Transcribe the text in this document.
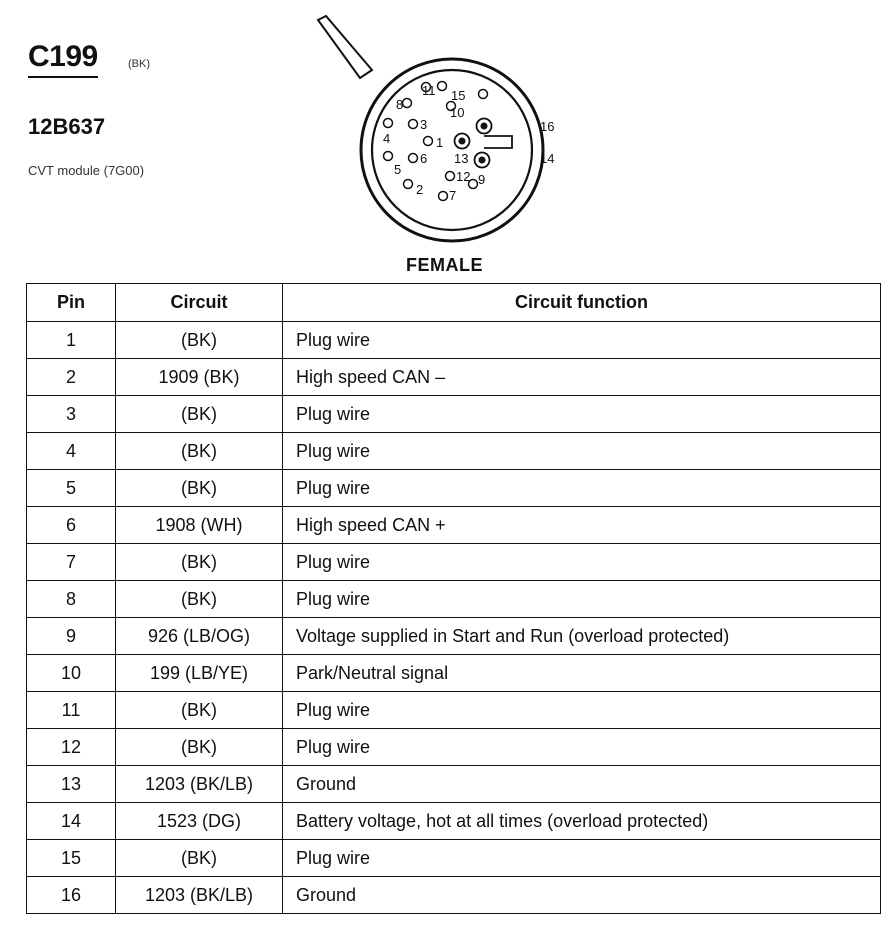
C199	(BK)
12B637
CVT module (7G00)
1
2
3
4
5
6
7
8
9
10
11
12
13	14
15
16
FEMALE
Pin	Circuit	Circuit function
1	(BK)	Plug wire
2	1909 (BK)	High speed CAN –
3	(BK)	Plug wire
4	(BK)	Plug wire
5	(BK)	Plug wire
6	1908 (WH)	High speed CAN +
7	(BK)	Plug wire
8	(BK)	Plug wire
9	926 (LB/OG)	Voltage supplied in Start and Run (overload protected)
10	199 (LB/YE)	Park/Neutral signal
11	(BK)	Plug wire
12	(BK)	Plug wire
13	1203 (BK/LB)	Ground
14	1523 (DG)	Battery voltage, hot at all times (overload protected)
15	(BK)	Plug wire
16	1203 (BK/LB)	Ground
